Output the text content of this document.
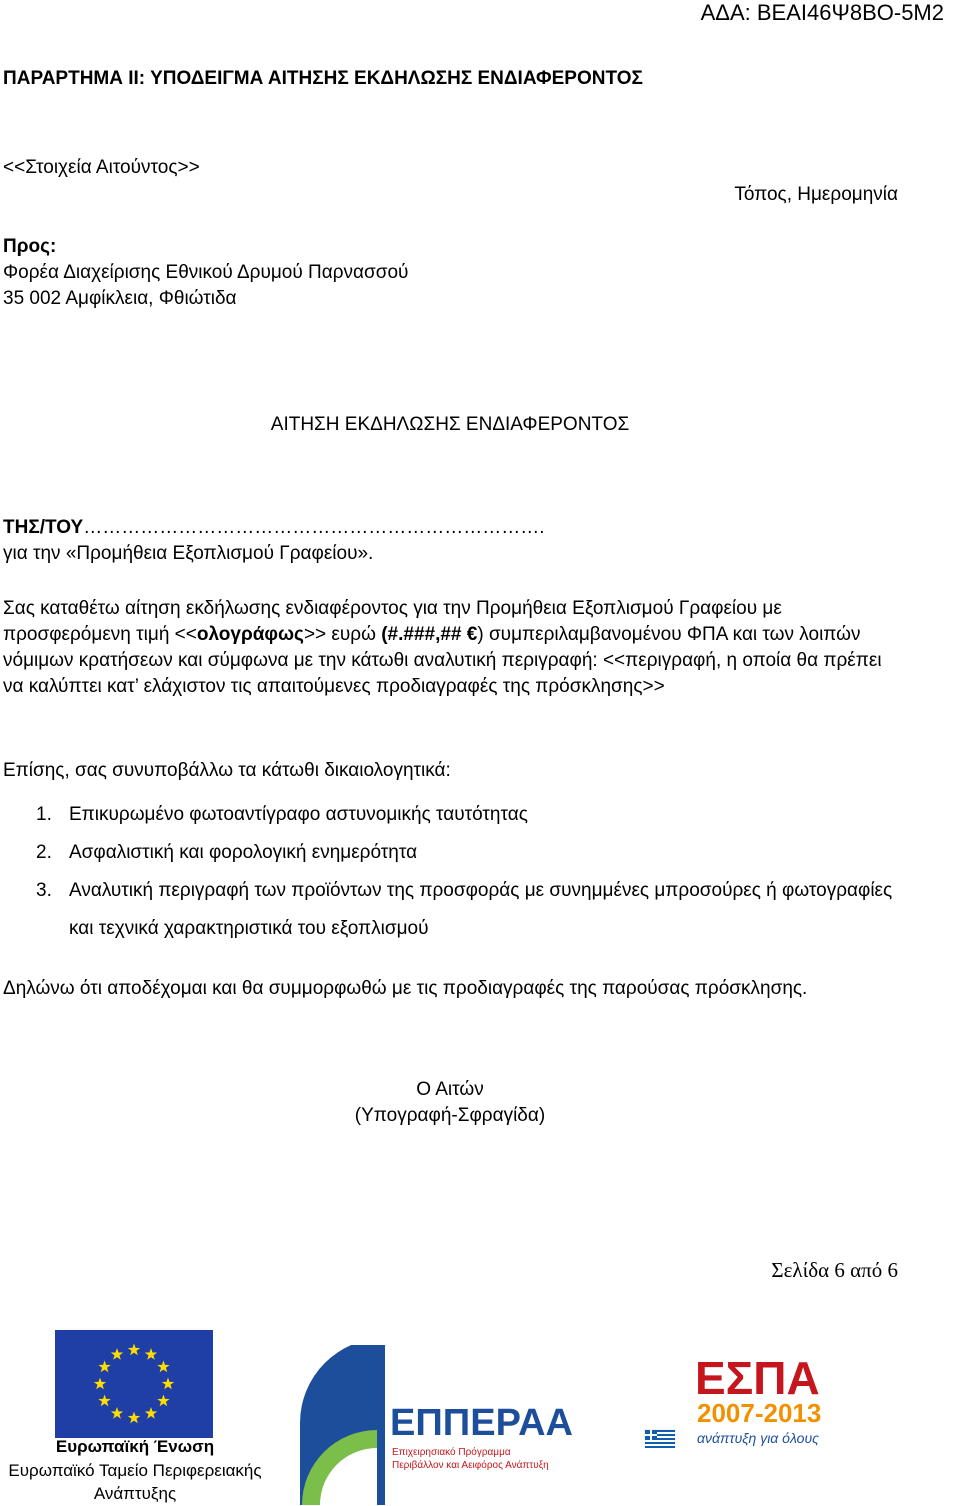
ΑΔΑ: ΒΕΑΙ46Ψ8ΒΟ-5Μ2

ΠΑΡΑΡΤΗΜΑ ΙΙ: ΥΠΟΔΕΙΓΜΑ ΑΙΤΗΣΗΣ ΕΚΔΗΛΩΣΗΣ ΕΝΔΙΑΦΕΡΟΝΤΟΣ

<<Στοιχεία Αιτούντος>>

Τόπος, Ημερομηνία

Προς:

Φορέα Διαχείρισης Εθνικού Δρυμού Παρνασσού

35 002 Αμφίκλεια, Φθιώτιδα

ΑΙΤΗΣΗ ΕΚΔΗΛΩΣΗΣ ΕΝΔΙΑΦΕΡΟΝΤΟΣ

ΤΗΣ/ΤΟΥ……………………………………………………………….

για την «Προμήθεια Εξοπλισμού Γραφείου».

Σας καταθέτω αίτηση εκδήλωσης ενδιαφέροντος για την Προμήθεια Εξοπλισμού Γραφείου με προσφερόμενη τιμή <<ολογράφως>> ευρώ (#.###,## €) συμπεριλαμβανομένου ΦΠΑ και των λοιπών νόμιμων κρατήσεων και σύμφωνα με την κάτωθι αναλυτική περιγραφή: <<περιγραφή, η οποία θα πρέπει να καλύπτει κατ’ ελάχιστον τις απαιτούμενες προδιαγραφές της πρόσκλησης>>

Επίσης, σας συνυποβάλλω τα κάτωθι δικαιολογητικά:

1. Επικυρωμένο φωτοαντίγραφο αστυνομικής ταυτότητας
2. Ασφαλιστική και φορολογική ενημερότητα
3. Αναλυτική περιγραφή των προϊόντων της προσφοράς με συνημμένες μπροσούρες ή φωτογραφίες και τεχνικά χαρακτηριστικά του εξοπλισμού

Δηλώνω ότι αποδέχομαι και θα συμμορφωθώ με τις προδιαγραφές της παρούσας πρόσκλησης.

Ο Αιτών

(Υπογραφή-Σφραγίδα)

Σελίδα 6 από 6

Ευρωπαϊκή Ένωση

Ευρωπαϊκό Ταμείο Περιφερειακής Ανάπτυξης

ΕΠΠΕΡΑΑ
Επιχειρησιακό Πρόγραμμα
Περιβάλλον και Αειφόρος Ανάπτυξη
ΕΣΠΑ
2007-2013
ανάπτυξη για όλους
